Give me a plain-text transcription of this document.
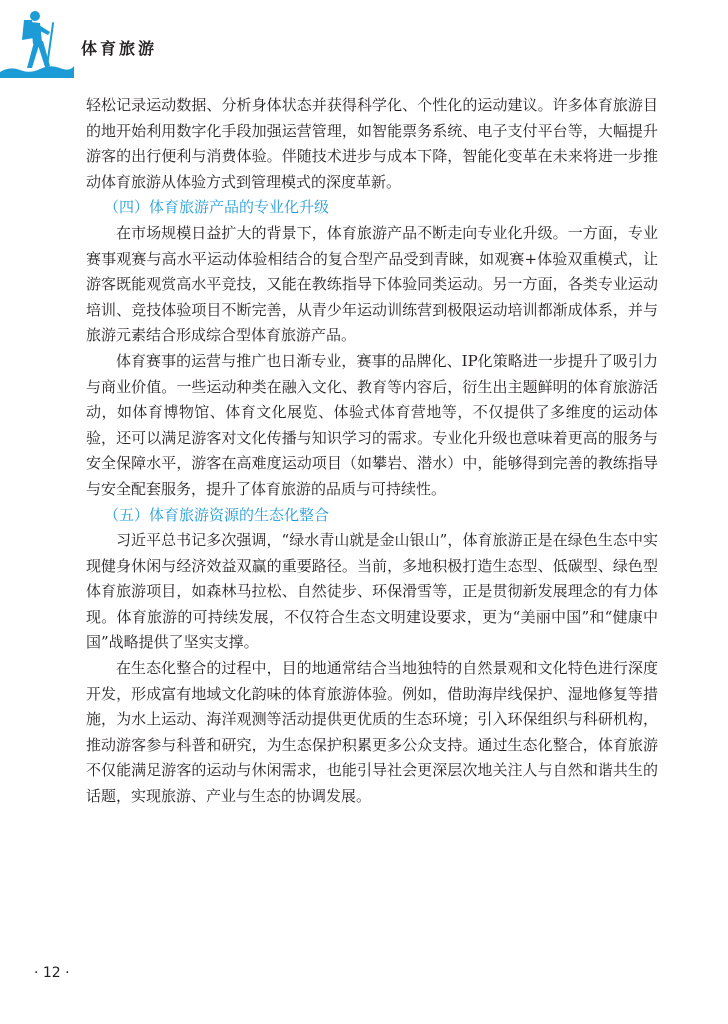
体育旅游

轻松记录运动数据、分析身体状态并获得科学化、个性化的运动建议。许多体育旅游目的地开始利用数字化手段加强运营管理，如智能票务系统、电子支付平台等，大幅提升游客的出行便利与消费体验。伴随技术进步与成本下降，智能化变革在未来将进一步推动体育旅游从体验方式到管理模式的深度革新。

（四）体育旅游产品的专业化升级

在市场规模日益扩大的背景下，体育旅游产品不断走向专业化升级。一方面，专业赛事观赛与高水平运动体验相结合的复合型产品受到青睐，如观赛+体验双重模式，让游客既能观赏高水平竞技，又能在教练指导下体验同类运动。另一方面，各类专业运动培训、竞技体验项目不断完善，从青少年运动训练营到极限运动培训都渐成体系，并与旅游元素结合形成综合型体育旅游产品。

体育赛事的运营与推广也日渐专业，赛事的品牌化、IP化策略进一步提升了吸引力与商业价值。一些运动种类在融入文化、教育等内容后，衍生出主题鲜明的体育旅游活动，如体育博物馆、体育文化展览、体验式体育营地等，不仅提供了多维度的运动体验，还可以满足游客对文化传播与知识学习的需求。专业化升级也意味着更高的服务与安全保障水平，游客在高难度运动项目（如攀岩、潜水）中，能够得到完善的教练指导与安全配套服务，提升了体育旅游的品质与可持续性。

（五）体育旅游资源的生态化整合

习近平总书记多次强调，“绿水青山就是金山银山”，体育旅游正是在绿色生态中实现健身休闲与经济效益双赢的重要路径。当前，多地积极打造生态型、低碳型、绿色型体育旅游项目，如森林马拉松、自然徒步、环保滑雪等，正是贯彻新发展理念的有力体现。体育旅游的可持续发展，不仅符合生态文明建设要求，更为“美丽中国”和“健康中国”战略提供了坚实支撑。

在生态化整合的过程中，目的地通常结合当地独特的自然景观和文化特色进行深度开发，形成富有地域文化韵味的体育旅游体验。例如，借助海岸线保护、湿地修复等措施，为水上运动、海洋观测等活动提供更优质的生态环境；引入环保组织与科研机构，推动游客参与科普和研究，为生态保护积累更多公众支持。通过生态化整合，体育旅游不仅能满足游客的运动与休闲需求，也能引导社会更深层次地关注人与自然和谐共生的话题，实现旅游、产业与生态的协调发展。

· 12 ·
